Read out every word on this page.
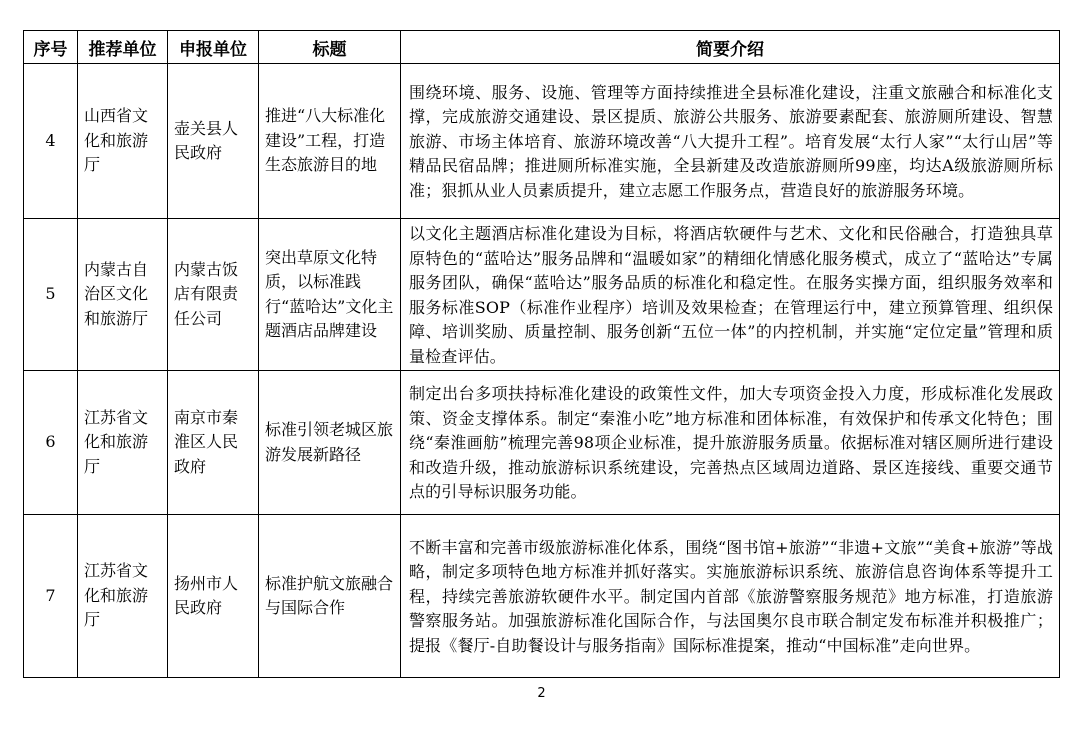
序号	推荐单位	申报单位	标题	简要介绍
4	山西省文化和旅游厅	壶关县人民政府	推进“八大标准化建设”工程，打造生态旅游目的地	围绕环境、服务、设施、管理等方面持续推进全县标准化建设，注重文旅融合和标准化支撑，完成旅游交通建设、景区提质、旅游公共服务、旅游要素配套、旅游厕所建设、智慧旅游、市场主体培育、旅游环境改善“八大提升工程”。培育发展“太行人家”“太行山居”等精品民宿品牌；推进厕所标准实施，全县新建及改造旅游厕所99座，均达A级旅游厕所标准；狠抓从业人员素质提升，建立志愿工作服务点，营造良好的旅游服务环境。
5	内蒙古自治区文化和旅游厅	内蒙古饭店有限责任公司	突出草原文化特质，以标准践行“蓝哈达”文化主题酒店品牌建设	以文化主题酒店标准化建设为目标，将酒店软硬件与艺术、文化和民俗融合，打造独具草原特色的“蓝哈达”服务品牌和“温暖如家”的精细化情感化服务模式，成立了“蓝哈达”专属服务团队，确保“蓝哈达”服务品质的标准化和稳定性。在服务实操方面，组织服务效率和服务标准SOP（标准作业程序）培训及效果检查；在管理运行中，建立预算管理、组织保障、培训奖励、质量控制、服务创新“五位一体”的内控机制，并实施“定位定量”管理和质量检查评估。
6	江苏省文化和旅游厅	南京市秦淮区人民政府	标准引领老城区旅游发展新路径	制定出台多项扶持标准化建设的政策性文件，加大专项资金投入力度，形成标准化发展政策、资金支撑体系。制定“秦淮小吃”地方标准和团体标准，有效保护和传承文化特色；围绕“秦淮画舫”梳理完善98项企业标准，提升旅游服务质量。依据标准对辖区厕所进行建设和改造升级，推动旅游标识系统建设，完善热点区域周边道路、景区连接线、重要交通节点的引导标识服务功能。
7	江苏省文化和旅游厅	扬州市人民政府	标准护航文旅融合与国际合作	不断丰富和完善市级旅游标准化体系，围绕“图书馆+旅游”“非遗+文旅”“美食+旅游”等战略，制定多项特色地方标准并抓好落实。实施旅游标识系统、旅游信息咨询体系等提升工程，持续完善旅游软硬件水平。制定国内首部《旅游警察服务规范》地方标准，打造旅游警察服务站。加强旅游标准化国际合作，与法国奥尔良市联合制定发布标准并积极推广；提报《餐厅-自助餐设计与服务指南》国际标准提案，推动“中国标准”走向世界。
2
